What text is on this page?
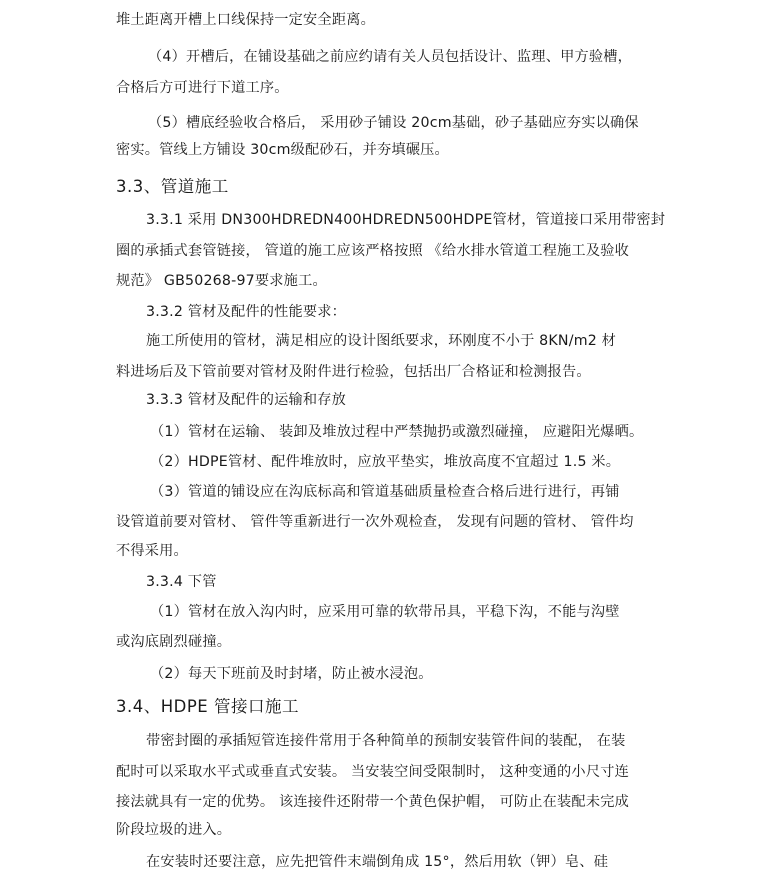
堆土距离开槽上口线保持一定安全距离。
（4）开槽后，在铺设基础之前应约请有关人员包括设计、监理、甲方验槽，
合格后方可进行下道工序。
（5）槽底经验收合格后， 采用砂子铺设 20cm基础，砂子基础应夯实以确保
密实。管线上方铺设 30cm级配砂石，并夯填碾压。
3.3、管道施工
3.3.1 采用 DN300HDREDN400HDREDN500HDPE管材，管道接口采用带密封
圈的承插式套管链接， 管道的施工应该严格按照 《给水排水管道工程施工及验收
规范》 GB50268-97要求施工。
3.3.2 管材及配件的性能要求：
施工所使用的管材，满足相应的设计图纸要求，环刚度不小于 8KN/m2 材
料进场后及下管前要对管材及附件进行检验，包括出厂合格证和检测报告。
3.3.3 管材及配件的运输和存放
（1）管材在运输、 装卸及堆放过程中严禁抛扔或激烈碰撞， 应避阳光爆晒。
（2）HDPE管材、配件堆放时，应放平垫实，堆放高度不宜超过 1.5 米。
（3）管道的铺设应在沟底标高和管道基础质量检查合格后进行进行，再铺
设管道前要对管材、 管件等重新进行一次外观检查， 发现有问题的管材、 管件均
不得采用。
3.3.4 下管
（1）管材在放入沟内时，应采用可靠的软带吊具，平稳下沟，不能与沟壁
或沟底剧烈碰撞。
（2）每天下班前及时封堵，防止被水浸泡。
3.4、HDPE 管接口施工
带密封圈的承插短管连接件常用于各种简单的预制安装管件间的装配， 在装
配时可以采取水平式或垂直式安装。 当安装空间受限制时， 这种变通的小尺寸连
接法就具有一定的优势。 该连接件还附带一个黄色保护帽， 可防止在装配未完成
阶段垃圾的进入。
在安装时还要注意，应先把管件末端倒角成 15°，然后用软（钾）皂、硅
